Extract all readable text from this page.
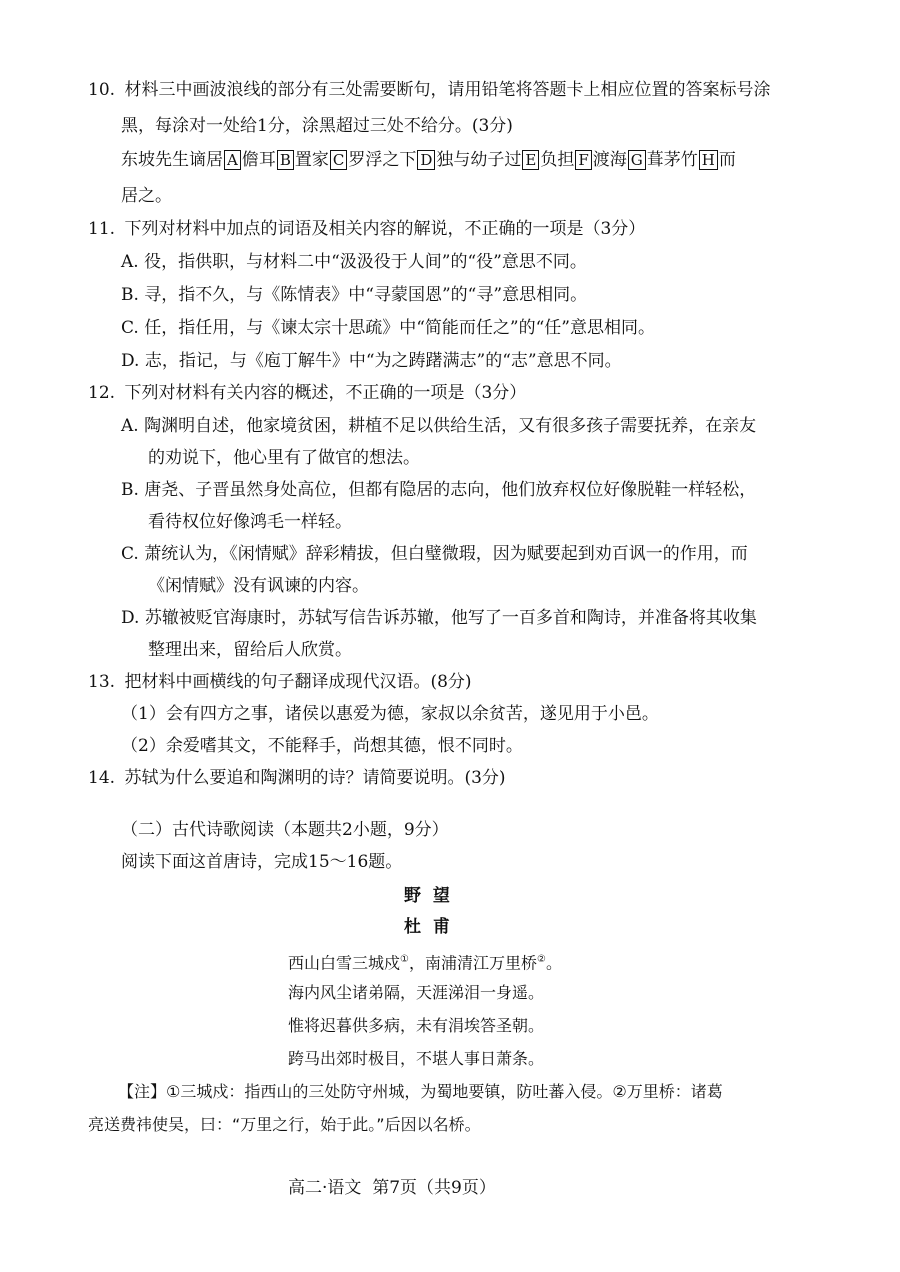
10. 材料三中画波浪线的部分有三处需要断句，请用铅笔将答题卡上相应位置的答案标号涂
黑，每涂对一处给1分，涂黑超过三处不给分。(3分)
东坡先生谪居 A 儋耳 B 置家 C 罗浮之下 D 独与幼子过 E 负担 F 渡海 G 葺茅竹 H 而
居之。
11. 下列对材料中加点的词语及相关内容的解说，不正确的一项是（3分）
A. 役，指供职，与材料二中“汲汲役于人间”的“役”意思不同。
B. 寻，指不久，与《陈情表》中“寻蒙国恩”的“寻”意思相同。
C. 任，指任用，与《谏太宗十思疏》中“简能而任之”的“任”意思相同。
D. 志，指记，与《庖丁解牛》中“为之踌躇满志”的“志”意思不同。
12. 下列对材料有关内容的概述，不正确的一项是（3分）
A. 陶渊明自述，他家境贫困，耕植不足以供给生活，又有很多孩子需要抚养，在亲友
的劝说下，他心里有了做官的想法。
B. 唐尧、子晋虽然身处高位，但都有隐居的志向，他们放弃权位好像脱鞋一样轻松，
看待权位好像鸿毛一样轻。
C. 萧统认为，《闲情赋》辞彩精拔，但白璧微瑕，因为赋要起到劝百讽一的作用，而
《闲情赋》没有讽谏的内容。
D. 苏辙被贬官海康时，苏轼写信告诉苏辙，他写了一百多首和陶诗，并准备将其收集
整理出来，留给后人欣赏。
13. 把材料中画横线的句子翻译成现代汉语。(8分)
（1）会有四方之事，诸侯以惠爱为德，家叔以余贫苦，遂见用于小邑。
（2）余爱嗜其文，不能释手，尚想其德，恨不同时。
14. 苏轼为什么要追和陶渊明的诗？请简要说明。(3分)
（二）古代诗歌阅读（本题共2小题，9分）
阅读下面这首唐诗，完成15～16题。
野  望
杜  甫
西山白雪三城戍①，南浦清江万里桥②。
海内风尘诸弟隔，天涯涕泪一身遥。
惟将迟暮供多病，未有涓埃答圣朝。
跨马出郊时极目，不堪人事日萧条。
【注】①三城戍：指西山的三处防守州城，为蜀地要镇，防吐蕃入侵。②万里桥：诸葛
亮送费祎使吴，曰：“万里之行，始于此。”后因以名桥。
高二·语文  第7页（共9页）
